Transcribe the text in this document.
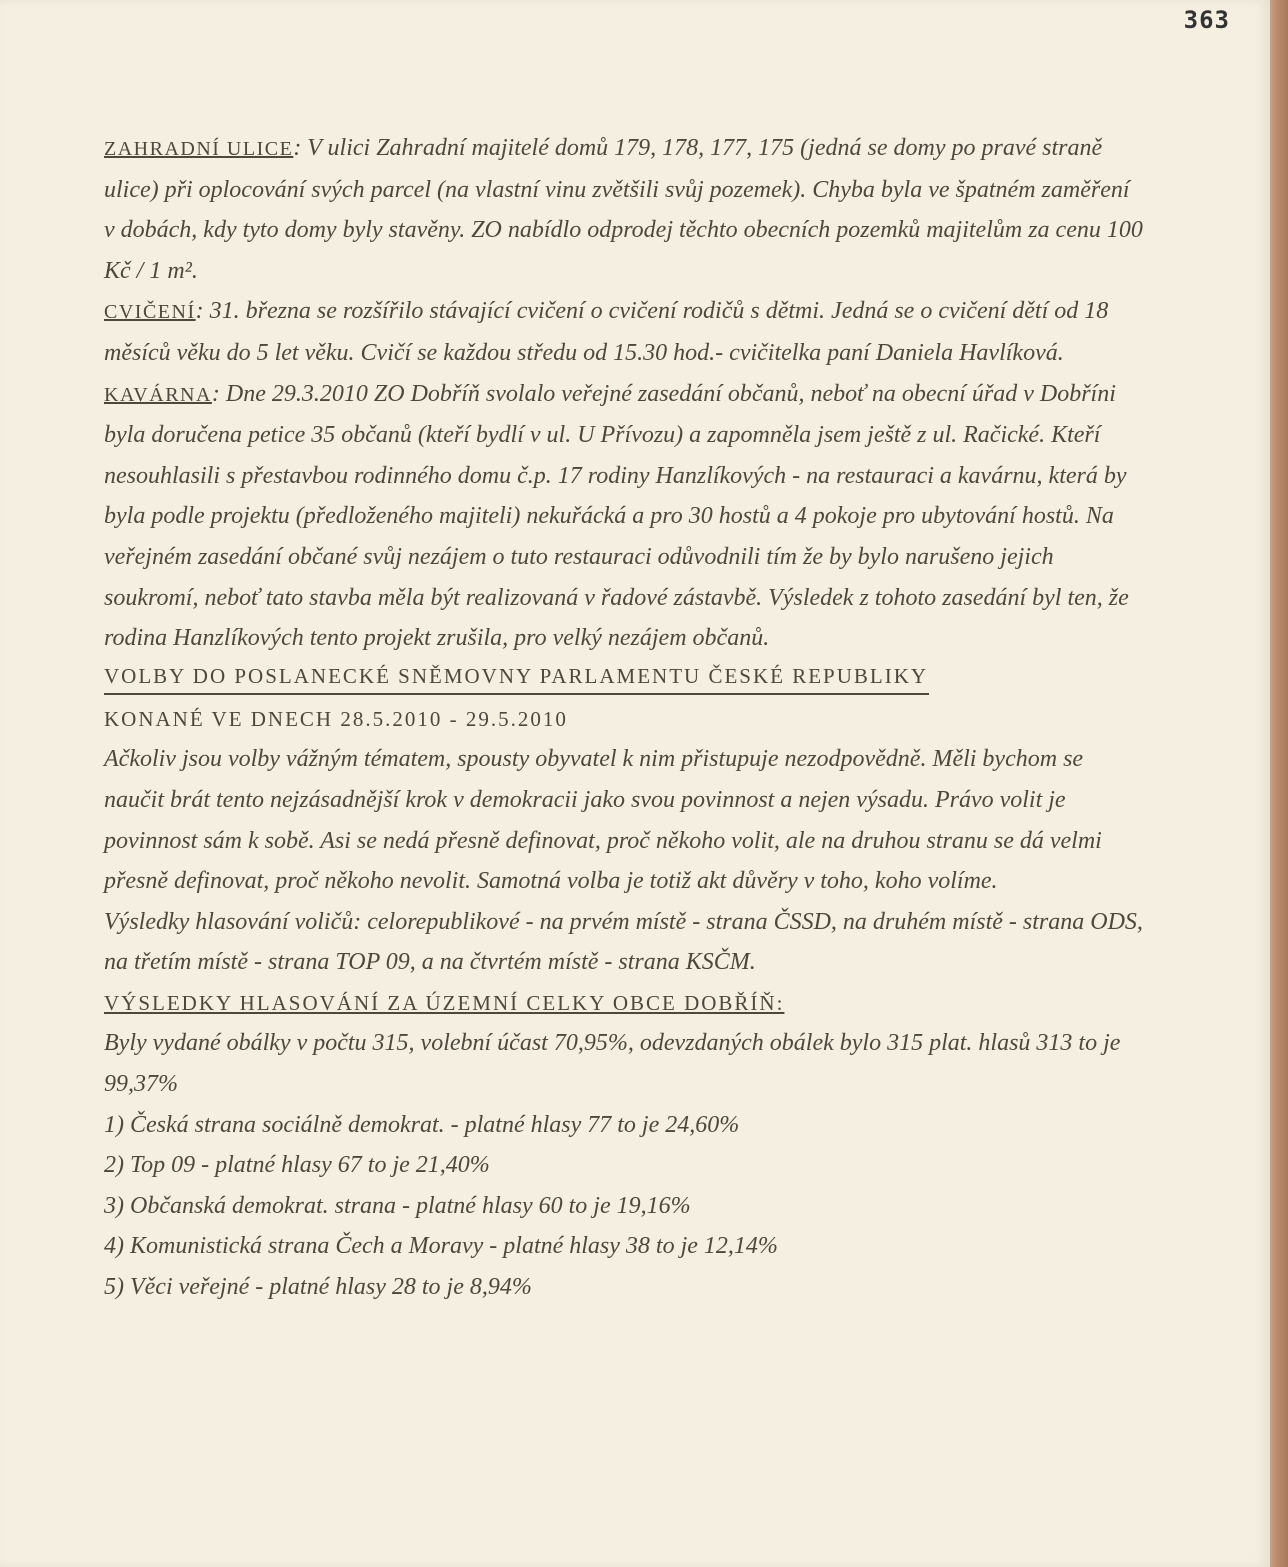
363

ZAHRADNÍ ULICE: V ulici Zahradní majitelé domů 179, 178, 177, 175 (jedná se domy po pravé straně ulice) při oplocování svých parcel (na vlastní vinu zvětšili svůj pozemek). Chyba byla ve špatném zaměření v dobách, kdy tyto domy byly stavěny. ZO nabídlo odprodej těchto obecních pozemků majitelům za cenu 100 Kč / 1 m².

CVIČENÍ: 31. března se rozšířilo stávající cvičení o cvičení rodičů s dětmi. Jedná se o cvičení dětí od 18 měsíců věku do 5 let věku. Cvičí se každou středu od 15.30 hod.- cvičitelka paní Daniela Havlíková.

KAVÁRNA: Dne 29.3.2010 ZO Dobříň svolalo veřejné zasedání občanů, neboť na obecní úřad v Dobříni byla doručena petice 35 občanů (kteří bydlí v ul. U Přívozu) a zapomněla jsem ještě z ul. Račické. Kteří nesouhlasili s přestavbou rodinného domu č.p. 17 rodiny Hanzlíkových - na restauraci a kavárnu, která by byla podle projektu (předloženého majiteli) nekuřácká a pro 30 hostů a 4 pokoje pro ubytování hostů. Na veřejném zasedání občané svůj nezájem o tuto restauraci odůvodnili tím že by bylo narušeno jejich soukromí, neboť tato stavba měla být realizovaná v řadové zástavbě. Výsledek z tohoto zasedání byl ten, že rodina Hanzlíkových tento projekt zrušila, pro velký nezájem občanů.

VOLBY DO POSLANECKÉ SNĚMOVNY PARLAMENTU ČESKÉ REPUBLIKY
KONANÉ VE DNECH 28.5.2010 - 29.5.2010

Ačkoliv jsou volby vážným tématem, spousty obyvatel k nim přistupuje nezodpovědně. Měli bychom se naučit brát tento nejzásadnější krok v demokracii jako svou povinnost a nejen výsadu. Právo volit je povinnost sám k sobě. Asi se nedá přesně definovat, proč někoho volit, ale na druhou stranu se dá velmi přesně definovat, proč někoho nevolit. Samotná volba je totiž akt důvěry v toho, koho volíme.

Výsledky hlasování voličů: celorepublikové - na prvém místě - strana ČSSD, na druhém místě - strana ODS, na třetím místě - strana TOP 09, a na čtvrtém místě - strana KSČM.

VÝSLEDKY HLASOVÁNÍ ZA ÚZEMNÍ CELKY OBCE DOBŘÍŇ:

Byly vydané obálky v počtu 315, volební účast 70,95%, odevzdaných obálek bylo 315 plat. hlasů 313 to je 99,37%

1) Česká strana sociálně demokrat. - platné hlasy 77 to je 24,60%

2) Top 09 - platné hlasy 67 to je 21,40%

3) Občanská demokrat. strana - platné hlasy 60 to je 19,16%

4) Komunistická strana Čech a Moravy - platné hlasy 38 to je 12,14%

5) Věci veřejné - platné hlasy 28 to je 8,94%
